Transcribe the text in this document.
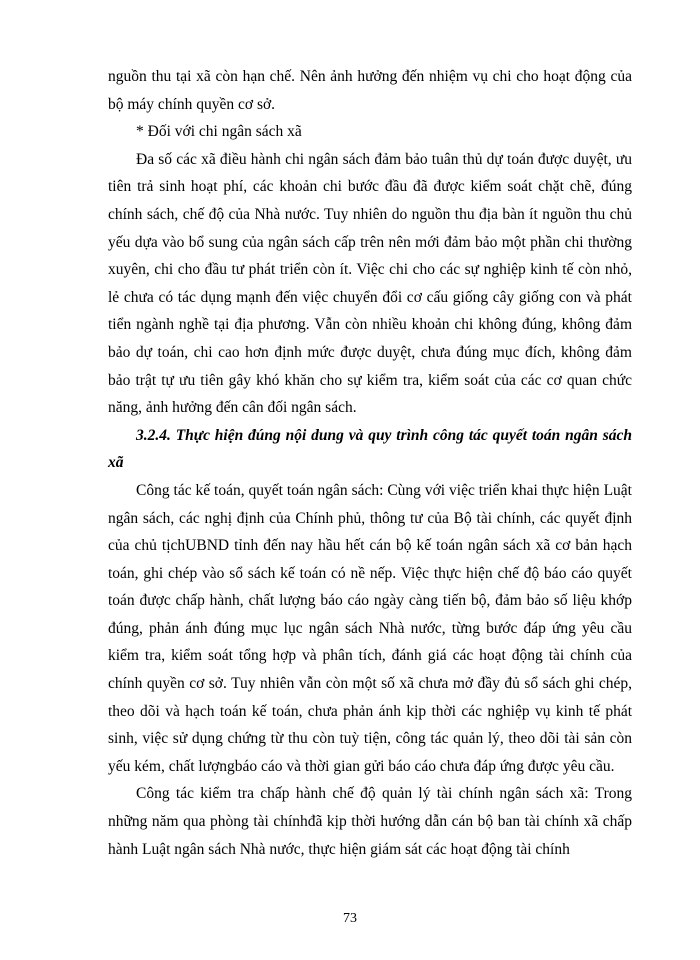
nguồn thu tại xã còn hạn chế. Nên ảnh hưởng đến nhiệm vụ chi cho hoạt động của bộ máy chính quyền cơ sở.

* Đối với chi ngân sách xã

Đa số các xã điều hành chi ngân sách đảm bảo tuân thủ dự toán được duyệt, ưu tiên trả sinh hoạt phí, các khoản chi bước đầu đã được kiểm soát chặt chẽ, đúng chính sách, chế độ của Nhà nước. Tuy nhiên do nguồn thu địa bàn ít nguồn thu chủ yếu dựa vào bổ sung của ngân sách cấp trên nên mới đảm bảo một phần chi thường xuyên, chi cho đầu tư phát triển còn ít. Việc chi cho các sự nghiệp kinh tế còn nhỏ, lẻ chưa có tác dụng mạnh đến việc chuyển đổi cơ cấu giống cây giống con và phát tiển ngành nghề tại địa phương. Vẫn còn nhiều khoản chi không đúng, không đảm bảo dự toán, chi cao hơn định mức được duyệt, chưa đúng mục đích, không đảm bảo trật tự ưu tiên gây khó khăn cho sự kiểm tra, kiểm soát của các cơ quan chức năng, ảnh hưởng đến cân đối ngân sách.

3.2.4. Thực hiện đúng nội dung và quy trình công tác quyết toán ngân sách xã

Công tác kế toán, quyết toán ngân sách: Cùng với việc triển khai thực hiện Luật ngân sách, các nghị định của Chính phủ, thông tư của Bộ tài chính, các quyết định của chủ tịchUBND tỉnh đến nay hầu hết cán bộ kế toán ngân sách xã cơ bản hạch toán, ghi chép vào sổ sách kế toán có nề nếp. Việc thực hiện chế độ báo cáo quyết toán được chấp hành, chất lượng báo cáo ngày càng tiến bộ, đảm bảo số liệu khớp đúng, phản ánh đúng mục lục ngân sách Nhà nước, từng bước đáp ứng yêu cầu kiểm tra, kiểm soát tổng hợp và phân tích, đánh giá các hoạt động tài chính của chính quyền cơ sở. Tuy nhiên vẫn còn một số xã chưa mở đầy đủ sổ sách ghi chép, theo dõi và hạch toán kế toán, chưa phản ánh kịp thời các nghiệp vụ kinh tế phát sinh, việc sử dụng chứng từ thu còn tuỳ tiện, công tác quản lý, theo dõi tài sản còn yếu kém, chất lượngbáo cáo và thời gian gửi báo cáo chưa đáp ứng được yêu cầu.

Công tác kiểm tra chấp hành chế độ quản lý tài chính ngân sách xã: Trong những năm qua phòng tài chínhđã kịp thời hướng dẫn cán bộ ban tài chính xã chấp hành Luật ngân sách Nhà nước, thực hiện giám sát các hoạt động tài chính

73
